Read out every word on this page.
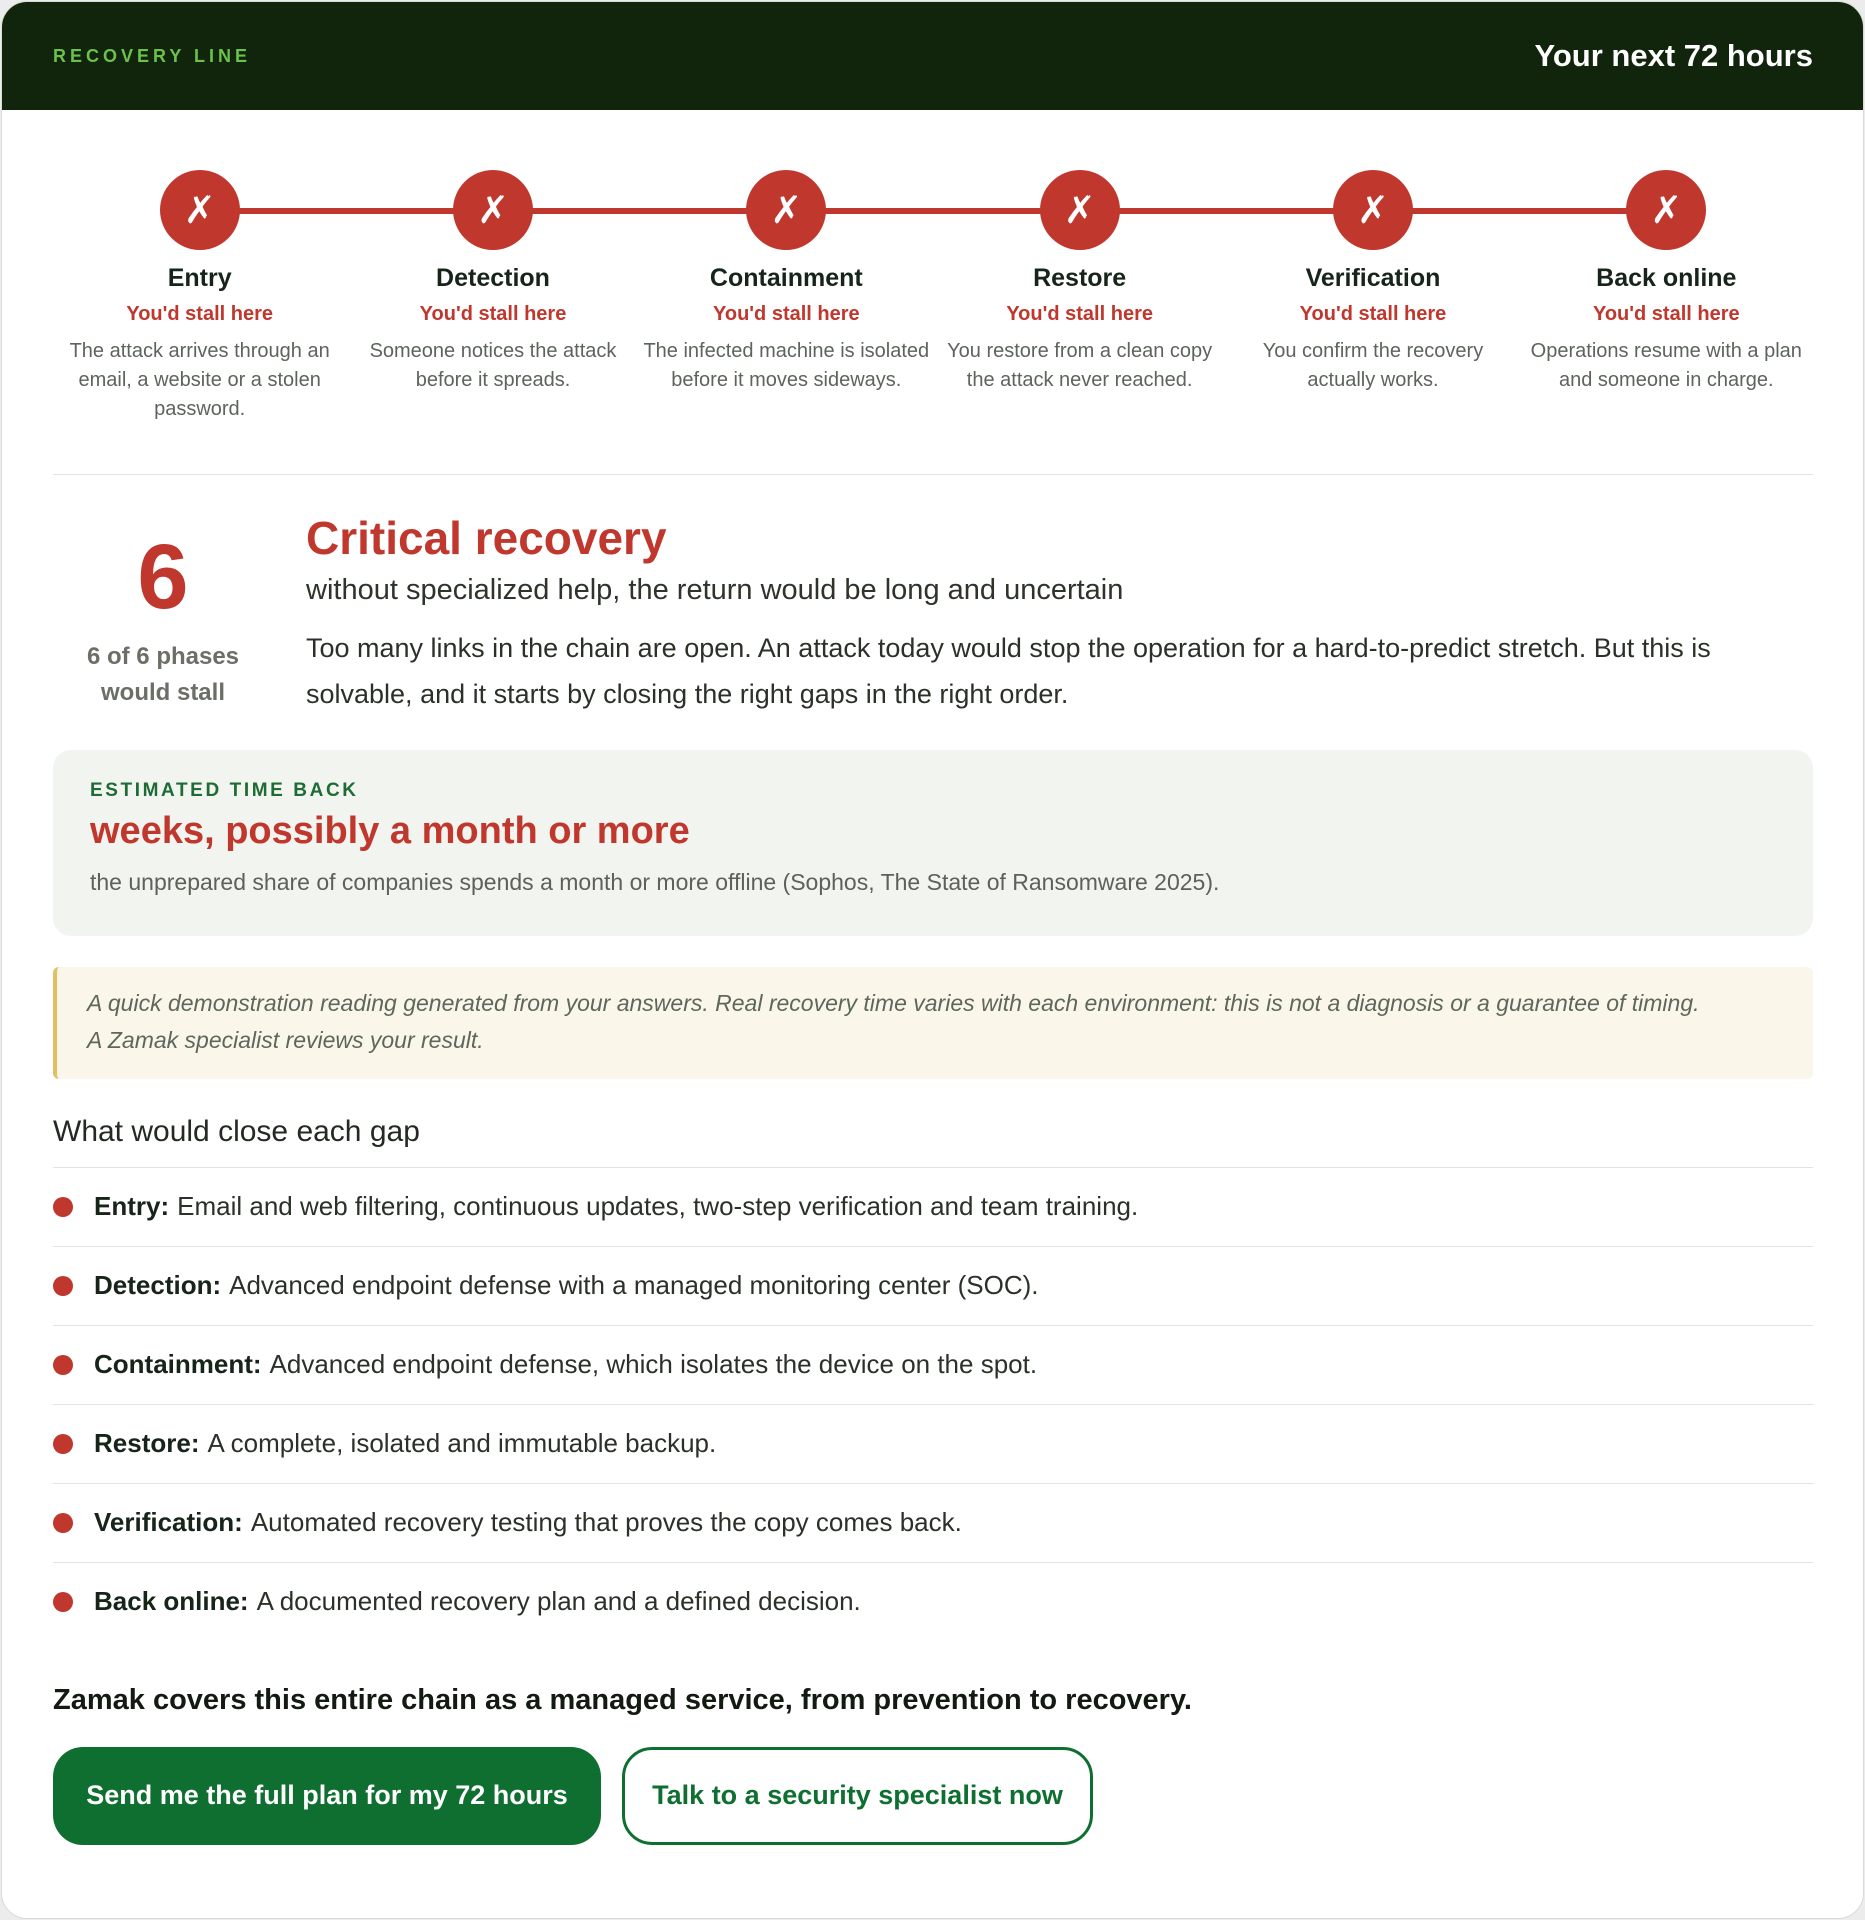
RECOVERY LINE	Your next 72 hours
✗
Entry
You'd stall here
The attack arrives through an email, a website or a stolen password.
✗
Detection
You'd stall here
Someone notices the attack before it spreads.
✗
Containment
You'd stall here
The infected machine is isolated before it moves sideways.
✗
Restore
You'd stall here
You restore from a clean copy the attack never reached.
✗
Verification
You'd stall here
You confirm the recovery actually works.
✗
Back online
You'd stall here
Operations resume with a plan and someone in charge.
6
6 of 6 phases
would stall
Critical recovery
without specialized help, the return would be long and uncertain
Too many links in the chain are open. An attack today would stop the operation for a hard-to-predict stretch. But this is solvable, and it starts by closing the right gaps in the right order.
ESTIMATED TIME BACK
weeks, possibly a month or more
the unprepared share of companies spends a month or more offline (Sophos, The State of Ransomware 2025).
A quick demonstration reading generated from your answers. Real recovery time varies with each environment: this is not a diagnosis or a guarantee of timing.
A Zamak specialist reviews your result.
What would close each gap
Entry: Email and web filtering, continuous updates, two-step verification and team training.
Detection: Advanced endpoint defense with a managed monitoring center (SOC).
Containment: Advanced endpoint defense, which isolates the device on the spot.
Restore: A complete, isolated and immutable backup.
Verification: Automated recovery testing that proves the copy comes back.
Back online: A documented recovery plan and a defined decision.
Zamak covers this entire chain as a managed service, from prevention to recovery.
Send me the full plan for my 72 hours	Talk to a security specialist now
